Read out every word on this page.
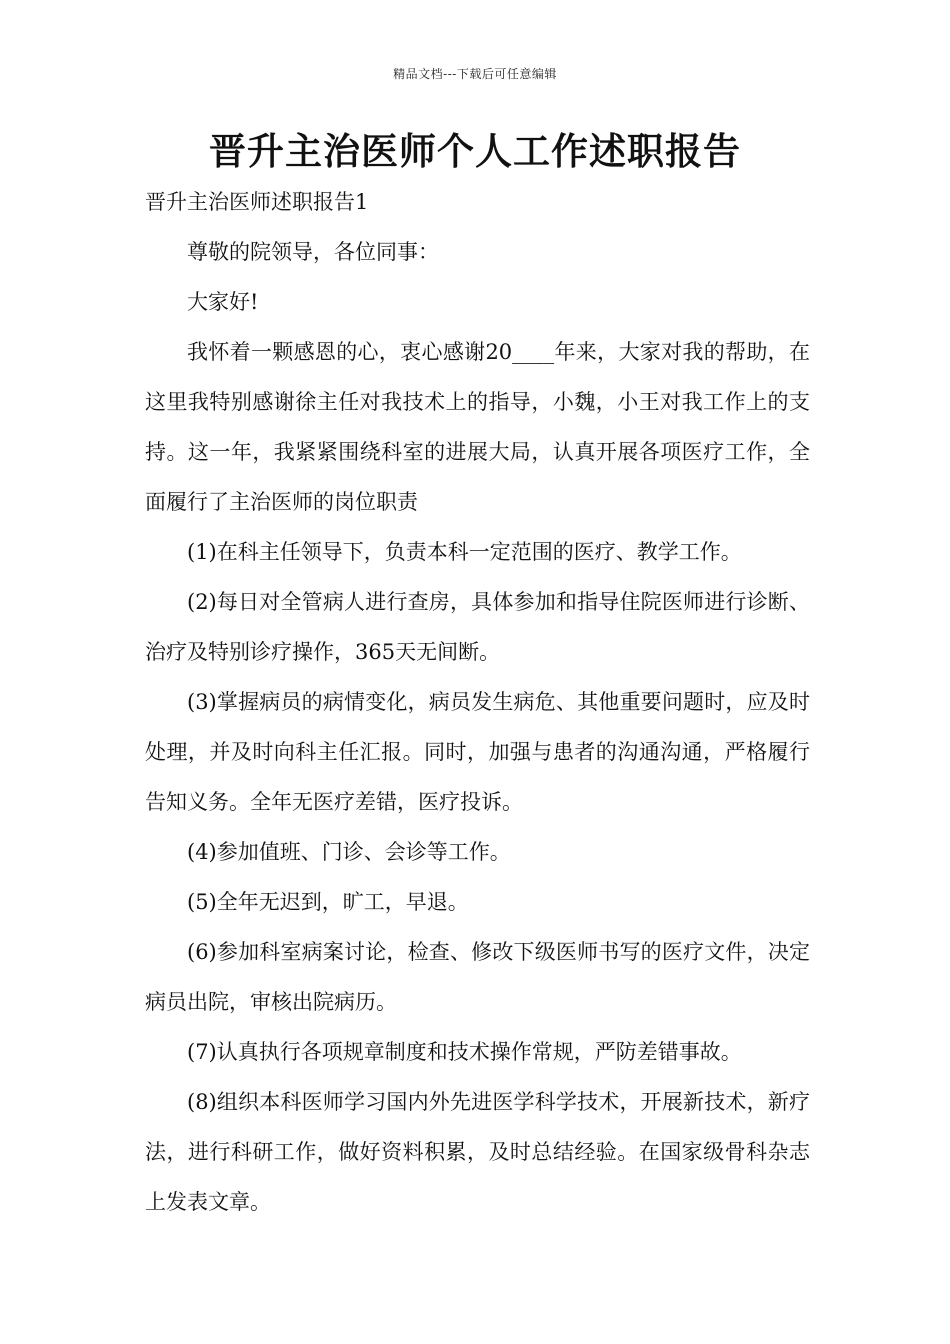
精品文档---下载后可任意编辑
晋升主治医师个人工作述职报告

晋升主治医师述职报告1

尊敬的院领导，各位同事：

大家好!

我怀着一颗感恩的心，衷心感谢20____年来，大家对我的帮助，在这里我特别感谢徐主任对我技术上的指导，小魏，小王对我工作上的支持。这一年，我紧紧围绕科室的进展大局，认真开展各项医疗工作，全面履行了主治医师的岗位职责

(1)在科主任领导下，负责本科一定范围的医疗、教学工作。

(2)每日对全管病人进行查房，具体参加和指导住院医师进行诊断、治疗及特别诊疗操作，365天无间断。

(3)掌握病员的病情变化，病员发生病危、其他重要问题时，应及时处理，并及时向科主任汇报。同时，加强与患者的沟通沟通，严格履行告知义务。全年无医疗差错，医疗投诉。

(4)参加值班、门诊、会诊等工作。

(5)全年无迟到，旷工，早退。

(6)参加科室病案讨论，检查、修改下级医师书写的医疗文件，决定病员出院，审核出院病历。

(7)认真执行各项规章制度和技术操作常规，严防差错事故。

(8)组织本科医师学习国内外先进医学科学技术，开展新技术，新疗法，进行科研工作，做好资料积累，及时总结经验。在国家级骨科杂志上发表文章。
